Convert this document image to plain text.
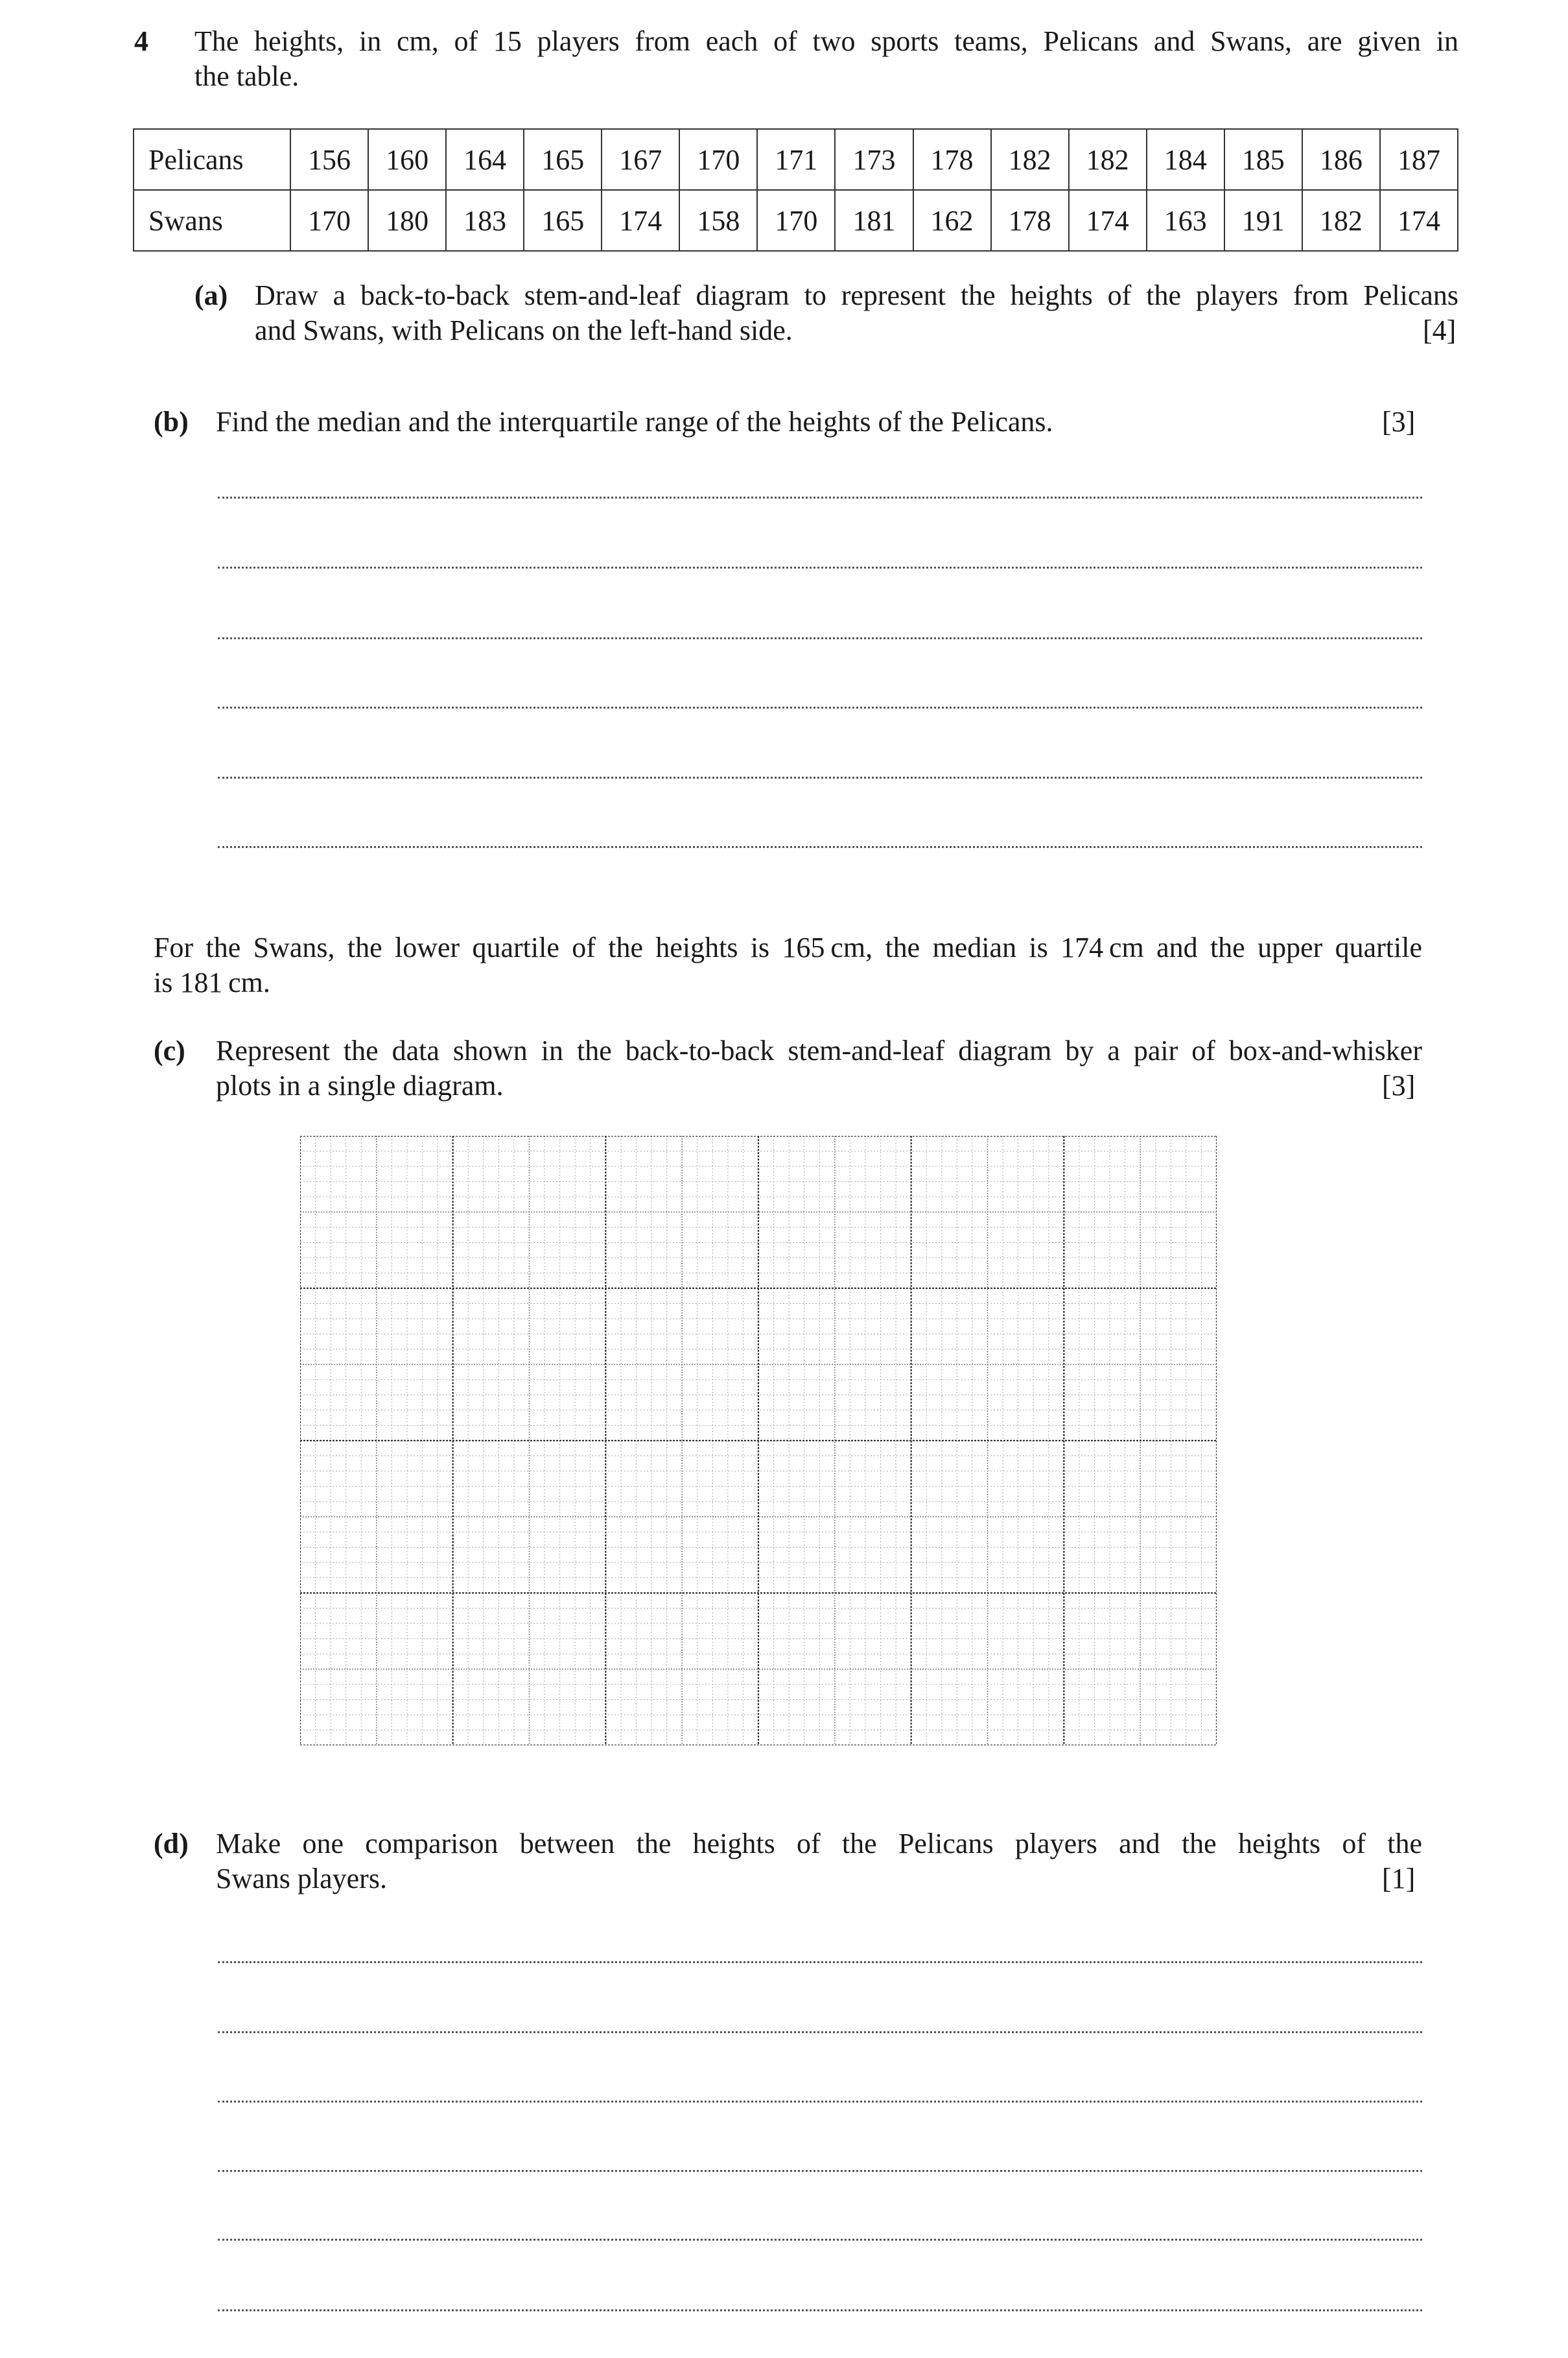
4 The heights, in cm, of 15 players from each of two sports teams, Pelicans and Swans, are given in
the table.
Pelicans	156	160	164	165	167	170	171	173	178	182	182	184	185	186	187
Swans	170	180	183	165	174	158	170	181	162	178	174	163	191	182	174
(a) Draw a back-to-back stem-and-leaf diagram to represent the heights of the players from Pelicans
and Swans, with Pelicans on the left-hand side.	[4]
(b) Find the median and the interquartile range of the heights of the Pelicans.	[3]
For the Swans, the lower quartile of the heights is 165 cm, the median is 174 cm and the upper quartile
is 181 cm.
(c) Represent the data shown in the back-to-back stem-and-leaf diagram by a pair of box-and-whisker
plots in a single diagram.	[3]
(d) Make one comparison between the heights of the Pelicans players and the heights of the
Swans players.	[1]
